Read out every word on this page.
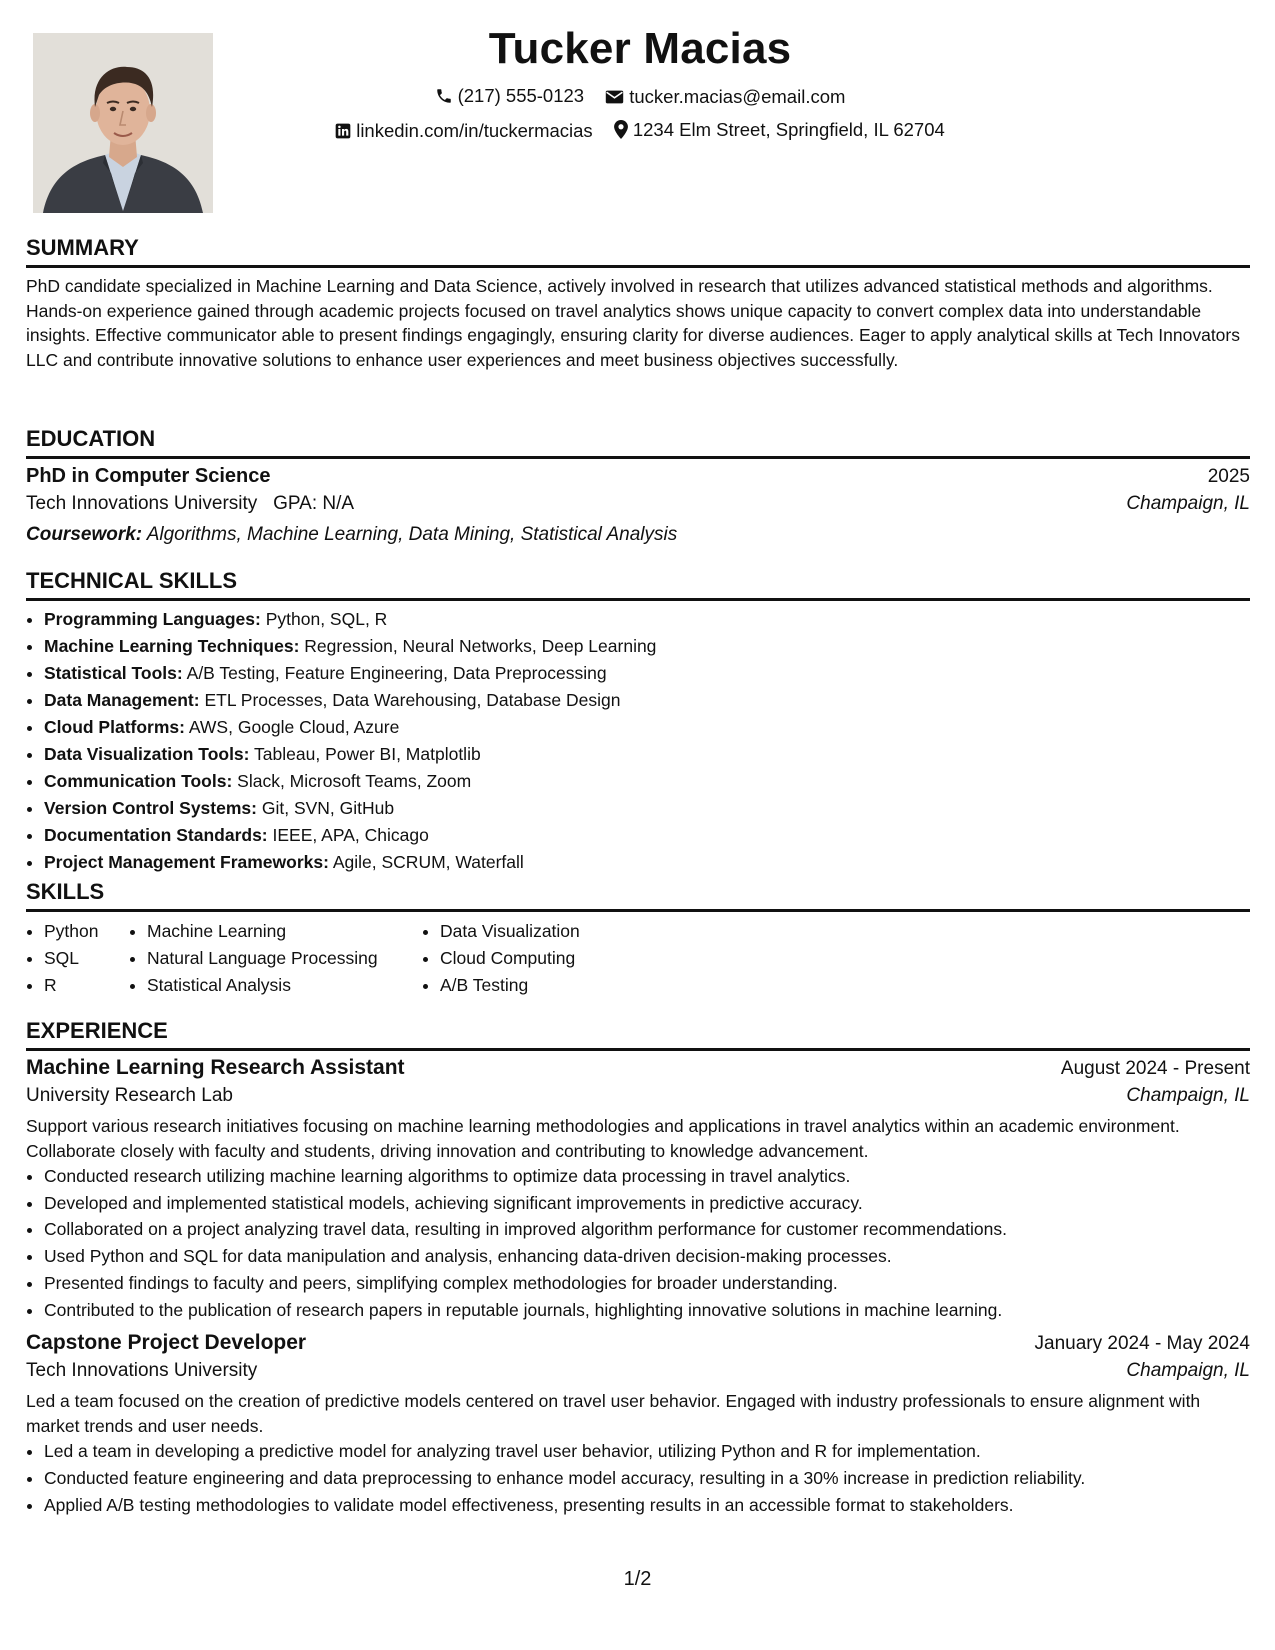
Tucker Macias
(217) 555-0123
tucker.macias@email.com
linkedin.com/in/tuckermacias
1234 Elm Street, Springfield, IL 62704
SUMMARY

PhD candidate specialized in Machine Learning and Data Science, actively involved in research that utilizes advanced statistical methods and algorithms. Hands-on experience gained through academic projects focused on travel analytics shows unique capacity to convert complex data into understandable insights. Effective communicator able to present findings engagingly, ensuring clarity for diverse audiences. Eager to apply analytical skills at Tech Innovators LLC and contribute innovative solutions to enhance user experiences and meet business objectives successfully.

EDUCATION
PhD in Computer Science	2025
Tech Innovations University GPA: N/A	Champaign, IL
Coursework: Algorithms, Machine Learning, Data Mining, Statistical Analysis
TECHNICAL SKILLS
• Programming Languages: Python, SQL, R
• Machine Learning Techniques: Regression, Neural Networks, Deep Learning
• Statistical Tools: A/B Testing, Feature Engineering, Data Preprocessing
• Data Management: ETL Processes, Data Warehousing, Database Design
• Cloud Platforms: AWS, Google Cloud, Azure
• Data Visualization Tools: Tableau, Power BI, Matplotlib
• Communication Tools: Slack, Microsoft Teams, Zoom
• Version Control Systems: Git, SVN, GitHub
• Documentation Standards: IEEE, APA, Chicago
• Project Management Frameworks: Agile, SCRUM, Waterfall
SKILLS
• Python
• SQL
• R
• Machine Learning
• Natural Language Processing
• Statistical Analysis
• Data Visualization
• Cloud Computing
• A/B Testing
EXPERIENCE
Machine Learning Research Assistant	August 2024 - Present
University Research Lab	Champaign, IL

Support various research initiatives focusing on machine learning methodologies and applications in travel analytics within an academic environment. Collaborate closely with faculty and students, driving innovation and contributing to knowledge advancement.

• Conducted research utilizing machine learning algorithms to optimize data processing in travel analytics.
• Developed and implemented statistical models, achieving significant improvements in predictive accuracy.
• Collaborated on a project analyzing travel data, resulting in improved algorithm performance for customer recommendations.
• Used Python and SQL for data manipulation and analysis, enhancing data-driven decision-making processes.
• Presented findings to faculty and peers, simplifying complex methodologies for broader understanding.
• Contributed to the publication of research papers in reputable journals, highlighting innovative solutions in machine learning.
Capstone Project Developer	January 2024 - May 2024
Tech Innovations University	Champaign, IL

Led a team focused on the creation of predictive models centered on travel user behavior. Engaged with industry professionals to ensure alignment with market trends and user needs.

• Led a team in developing a predictive model for analyzing travel user behavior, utilizing Python and R for implementation.
• Conducted feature engineering and data preprocessing to enhance model accuracy, resulting in a 30% increase in prediction reliability.
• Applied A/B testing methodologies to validate model effectiveness, presenting results in an accessible format to stakeholders.
1/2
